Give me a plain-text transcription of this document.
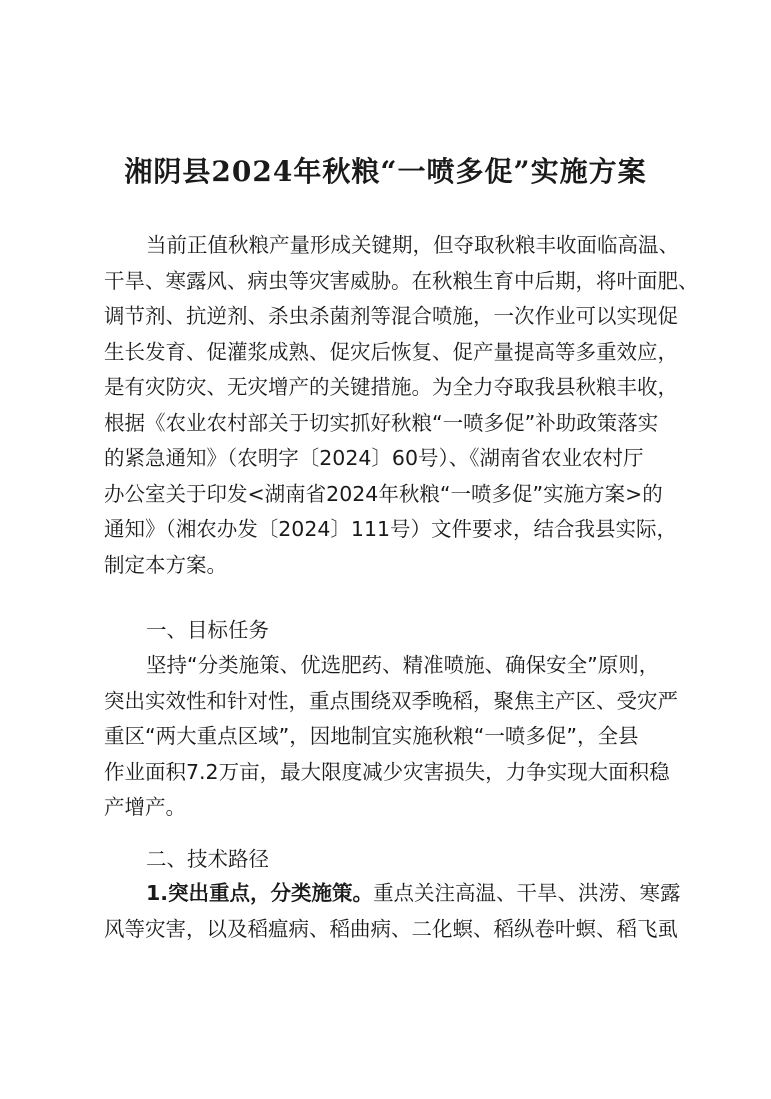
湘阴县2024年秋粮“一喷多促”实施方案
当前正值秋粮产量形成关键期，但夺取秋粮丰收面临高温、
干旱、寒露风、病虫等灾害威胁。在秋粮生育中后期，将叶面肥、
调节剂、抗逆剂、杀虫杀菌剂等混合喷施，一次作业可以实现促
生长发育、促灌浆成熟、促灾后恢复、促产量提高等多重效应，
是有灾防灾、无灾增产的关键措施。为全力夺取我县秋粮丰收，
根据《农业农村部关于切实抓好秋粮“一喷多促”补助政策落实
的紧急通知》（农明字〔2024〕60号）、《湖南省农业农村厅
办公室关于印发<湖南省2024年秋粮“一喷多促”实施方案>的
通知》（湘农办发〔2024〕111号）文件要求，结合我县实际，
制定本方案。
一、目标任务
坚持“分类施策、优选肥药、精准喷施、确保安全”原则，
突出实效性和针对性，重点围绕双季晚稻，聚焦主产区、受灾严
重区“两大重点区域”，因地制宜实施秋粮“一喷多促”，全县
作业面积7.2万亩，最大限度减少灾害损失，力争实现大面积稳
产增产。
二、技术路径
1.突出重点，分类施策。重点关注高温、干旱、洪涝、寒露
风等灾害，以及稻瘟病、稻曲病、二化螟、稻纵卷叶螟、稻飞虱
